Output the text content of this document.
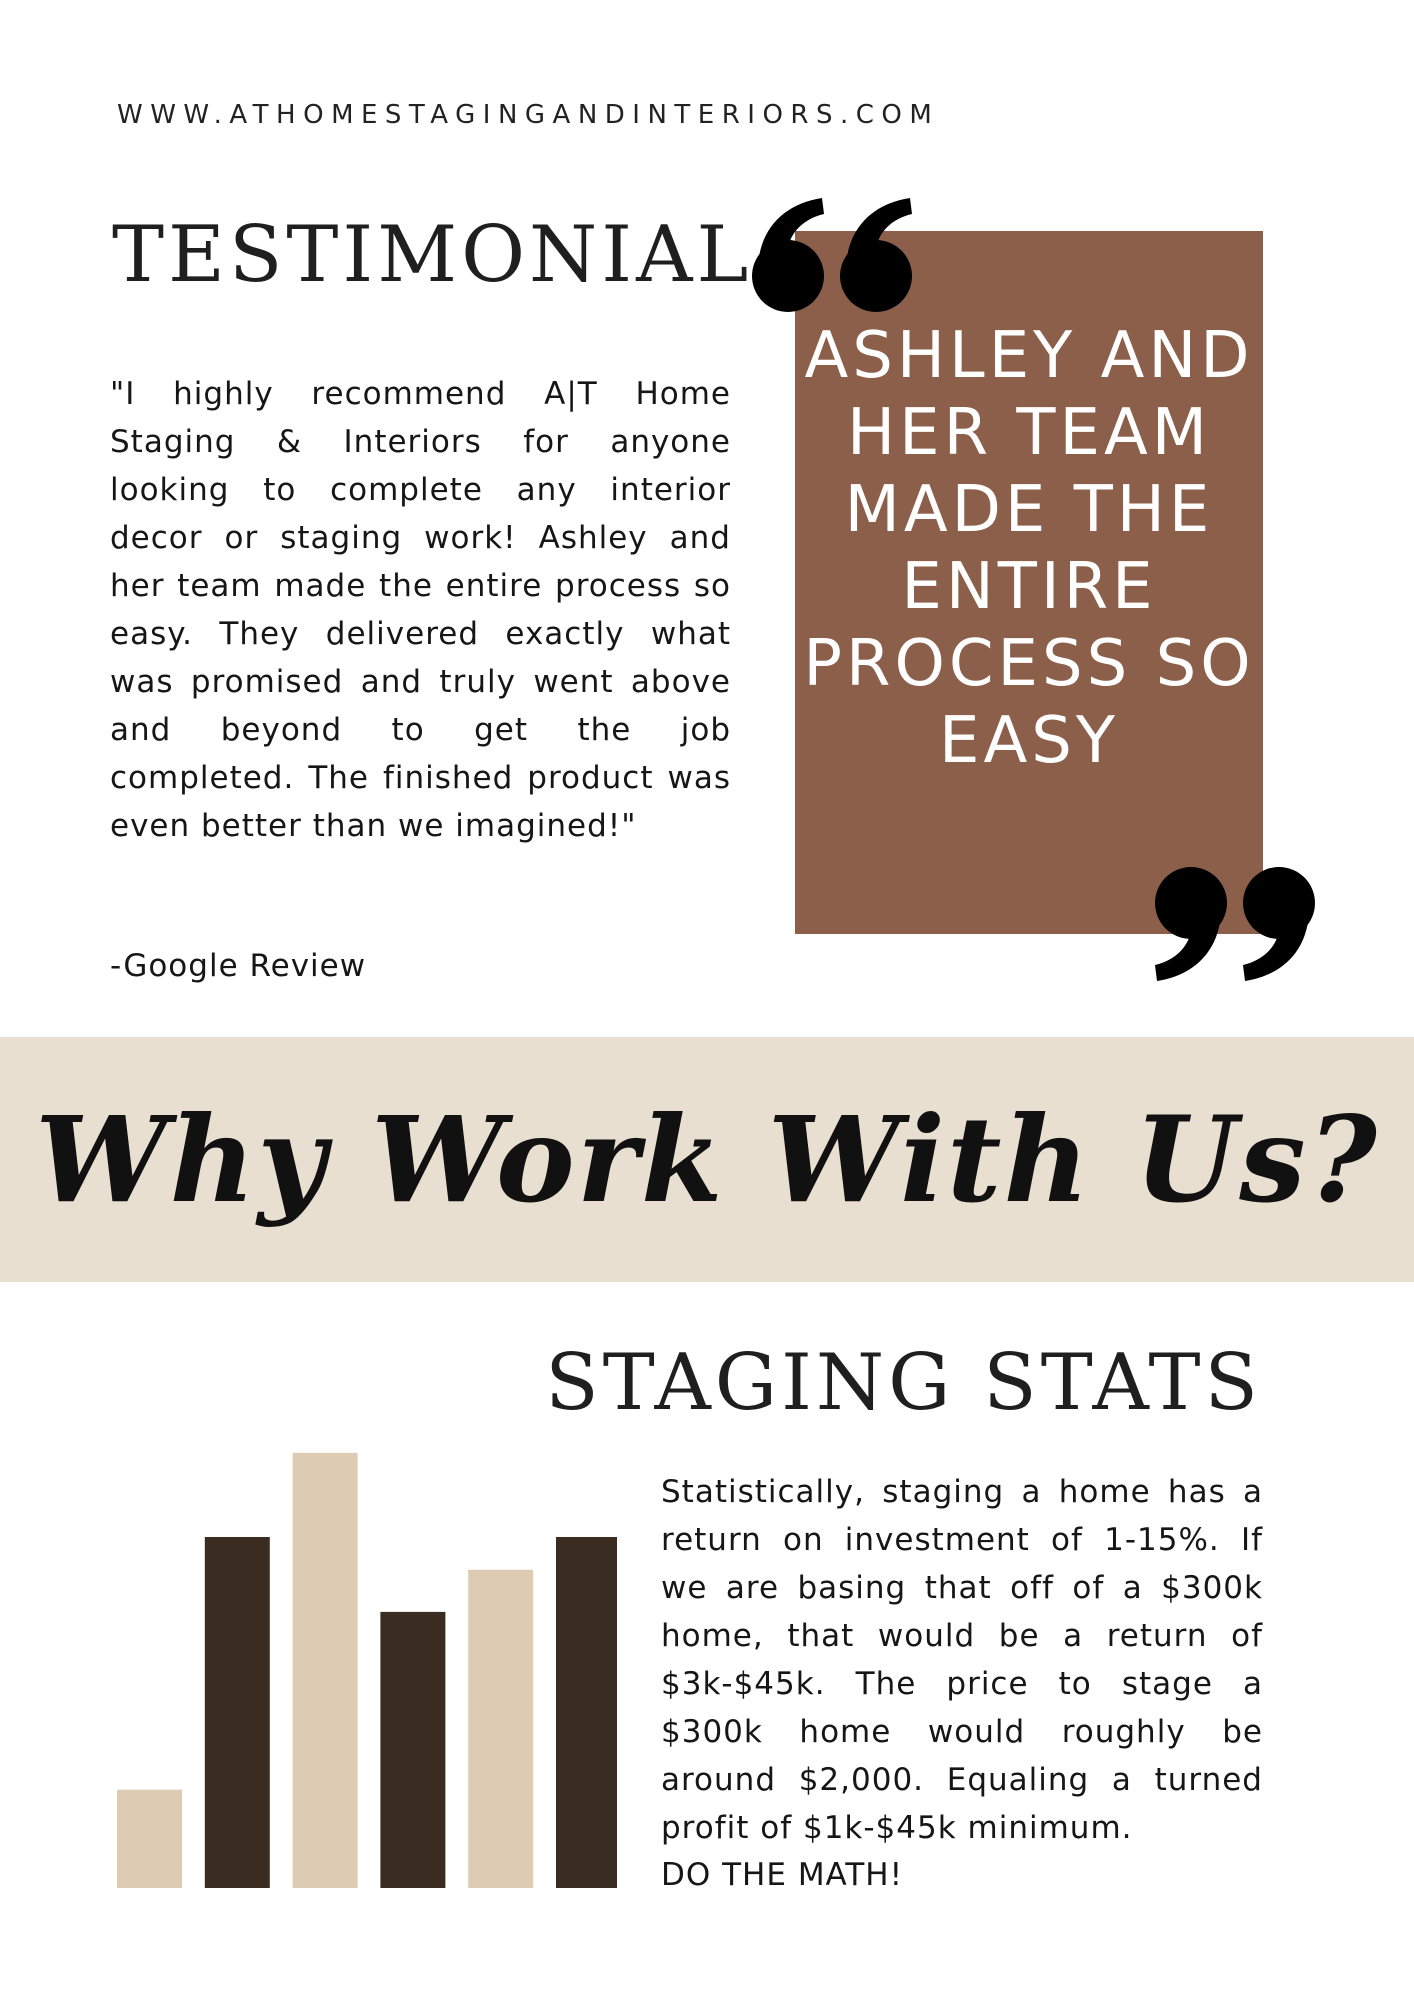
WWW.ATHOMESTAGINGANDINTERIORS.COM
TESTIMONIAL
"I highly recommend A|T Home Staging & Interiors for anyone looking to complete any interior decor or staging work! Ashley and her team made the entire process so easy. They delivered exactly what was promised and truly went above and beyond to get the job completed. The finished product was even better than we imagined!"
-Google Review
ASHLEY AND HER TEAM MADE THE ENTIRE PROCESS SO EASY
Why Work With Us?
STAGING STATS
Statistically, staging a home has a return on investment of 1-15%. If we are basing that off of a $300k home, that would be a return of $3k-$45k. The price to stage a $300k home would roughly be around $2,000. Equaling a turned profit of $1k-$45k minimum.
DO THE MATH!
